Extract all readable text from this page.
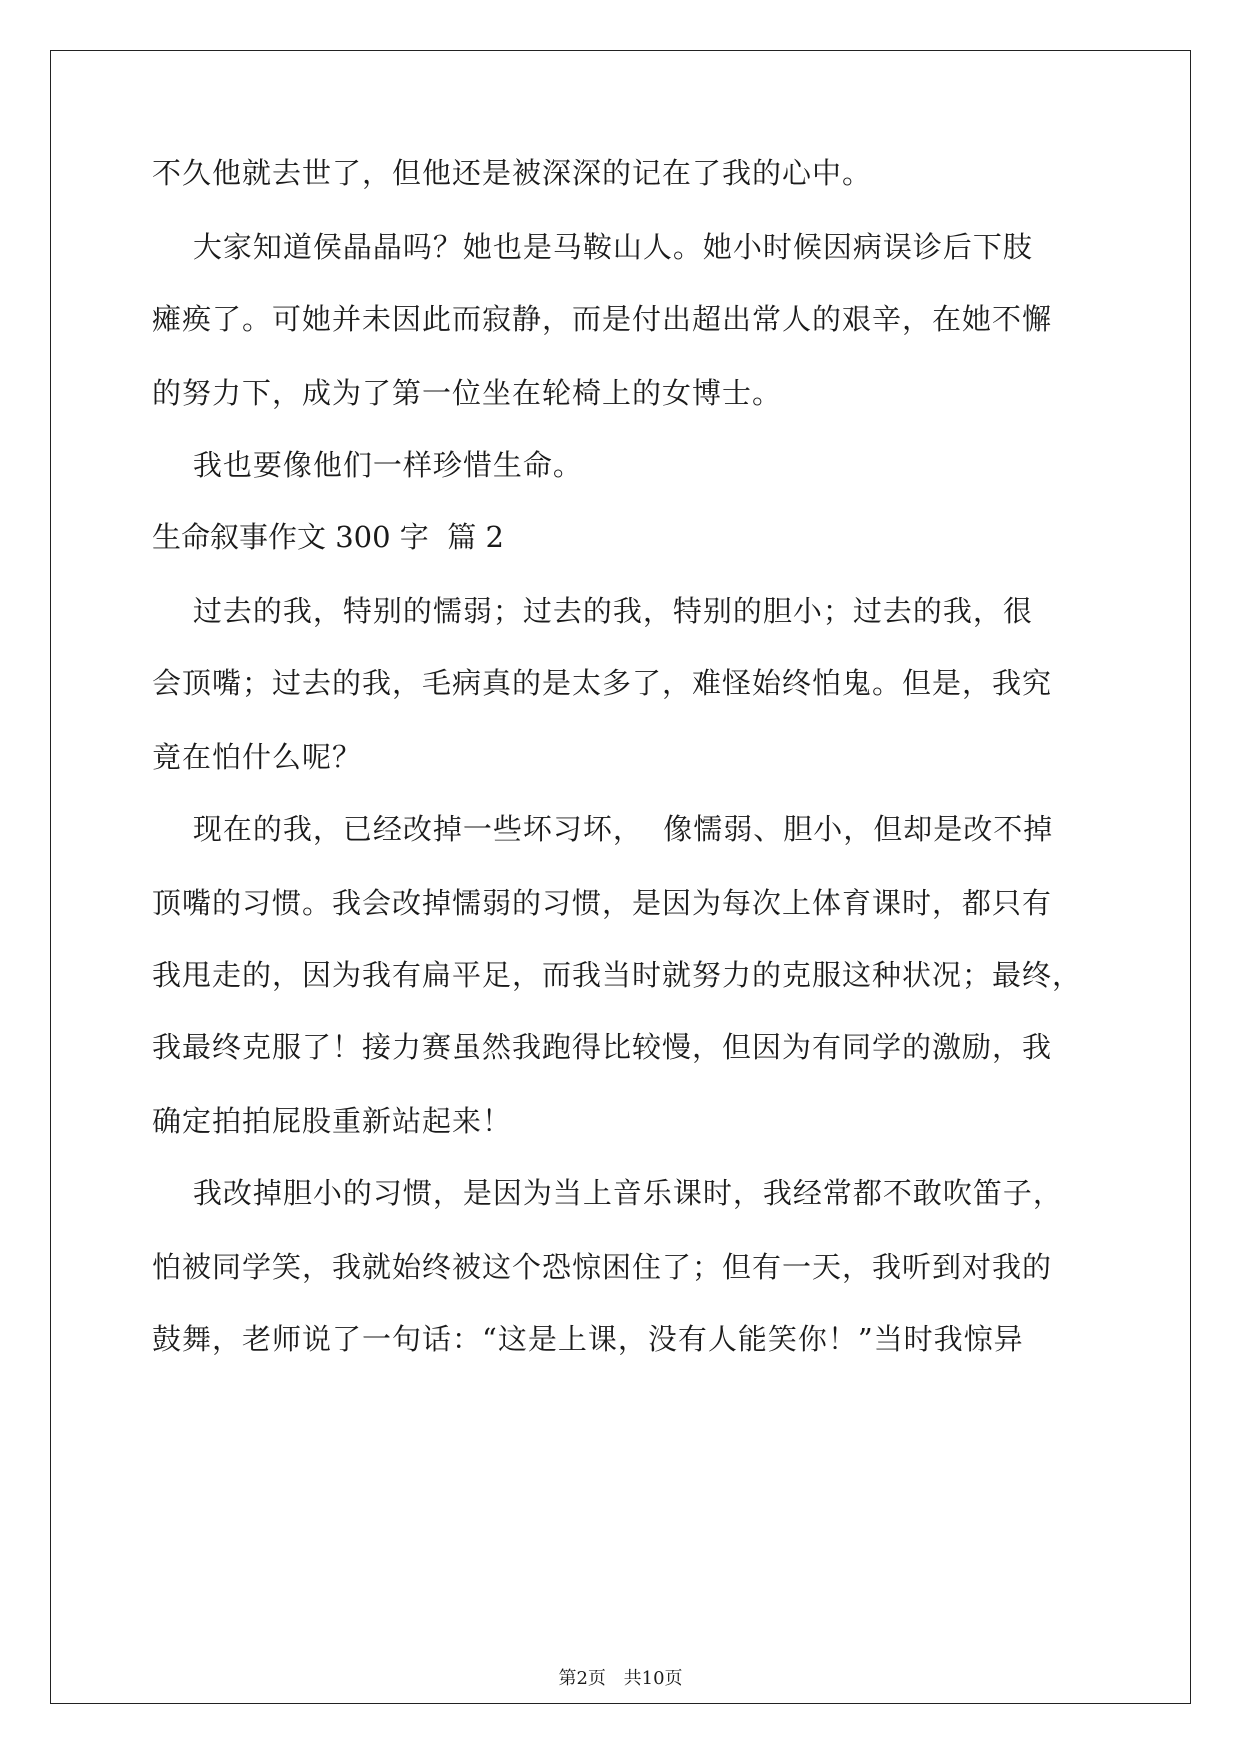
不久他就去世了，但他还是被深深的记在了我的心中。
大家知道侯晶晶吗？她也是马鞍山人。她小时候因病误诊后下肢
瘫痪了。可她并未因此而寂静，而是付出超出常人的艰辛，在她不懈
的努力下，成为了第一位坐在轮椅上的女博士。
我也要像他们一样珍惜生命。
生命叙事作文 300 字  篇 2
过去的我，特别的懦弱；过去的我，特别的胆小；过去的我，很
会顶嘴；过去的我，毛病真的是太多了，难怪始终怕鬼。但是，我究
竟在怕什么呢？
现在的我，已经改掉一些坏习坏，  像懦弱、胆小，但却是改不掉
顶嘴的习惯。我会改掉懦弱的习惯，是因为每次上体育课时，都只有
我甩走的，因为我有扁平足，而我当时就努力的克服这种状况；最终，
我最终克服了！接力赛虽然我跑得比较慢，但因为有同学的激励，我
确定拍拍屁股重新站起来！
我改掉胆小的习惯，是因为当上音乐课时，我经常都不敢吹笛子，
怕被同学笑，我就始终被这个恐惊困住了；但有一天，我听到对我的
鼓舞，老师说了一句话：“这是上课，没有人能笑你！”当时我惊异
第2页 共10页
